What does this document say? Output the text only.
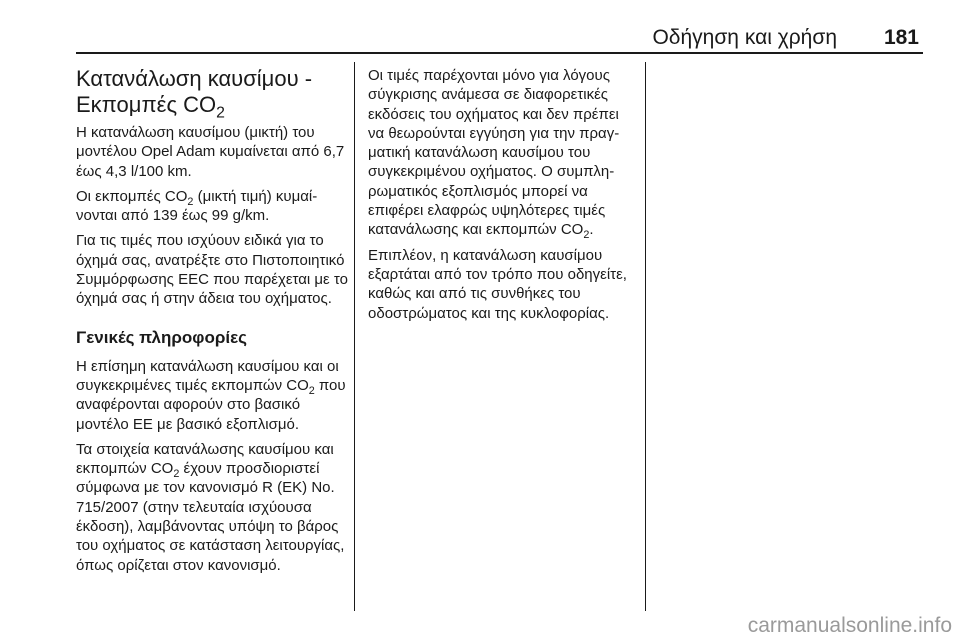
Οδήγηση και χρήση 181
Κατανάλωση καυσίμου -
Εκπομπές $CO_2$

Η κατανάλωση καυσίμου (μικτή) του μοντέλου Opel Adam κυμαίνεται από 6,7 έως 4,3 l/100 km.

Οι εκπομπές $CO_2$ (μικτή τιμή) κυμαίνονται από 139 έως 99 g/km.

Για τις τιμές που ισχύουν ειδικά για το όχημά σας, ανατρέξτε στο Πιστοποιητικό Συμμόρφωσης EEC που παρέχεται με το όχημά σας ή στην άδεια του οχήματος.

Γενικές πληροφορίες

Η επίσημη κατανάλωση καυσίμου και οι συγκεκριμένες τιμές εκπομπών $CO_2$ που αναφέρονται αφορούν στο βασικό μοντέλο ΕΕ με βασικό εξοπλισμό.

Τα στοιχεία κατανάλωσης καυσίμου και εκπομπών $CO_2$ έχουν προσδιοριστεί σύμφωνα με τον κανονισμό R (ΕΚ) No. 715/2007 (στην τελευταία ισχύουσα έκδοση), λαμβάνοντας υπόψη το βάρος του οχήματος σε κατάσταση λειτουργίας, όπως ορίζεται στον κανονισμό.

Οι τιμές παρέχονται μόνο για λόγους σύγκρισης ανάμεσα σε διαφορετικές εκδόσεις του οχήματος και δεν πρέπει να θεωρούνται εγγύηση για την πραγματική κατανάλωση καυσίμου του συγκεκριμένου οχήματος. Ο συμπληρωματικός εξοπλισμός μπορεί να επιφέρει ελαφρώς υψηλότερες τιμές κατανάλωσης και εκπομπών $CO_2$.

Επιπλέον, η κατανάλωση καυσίμου εξαρτάται από τον τρόπο που οδηγείτε, καθώς και από τις συνθήκες του οδοστρώματος και της κυκλοφορίας.

carmanualsonline.info
